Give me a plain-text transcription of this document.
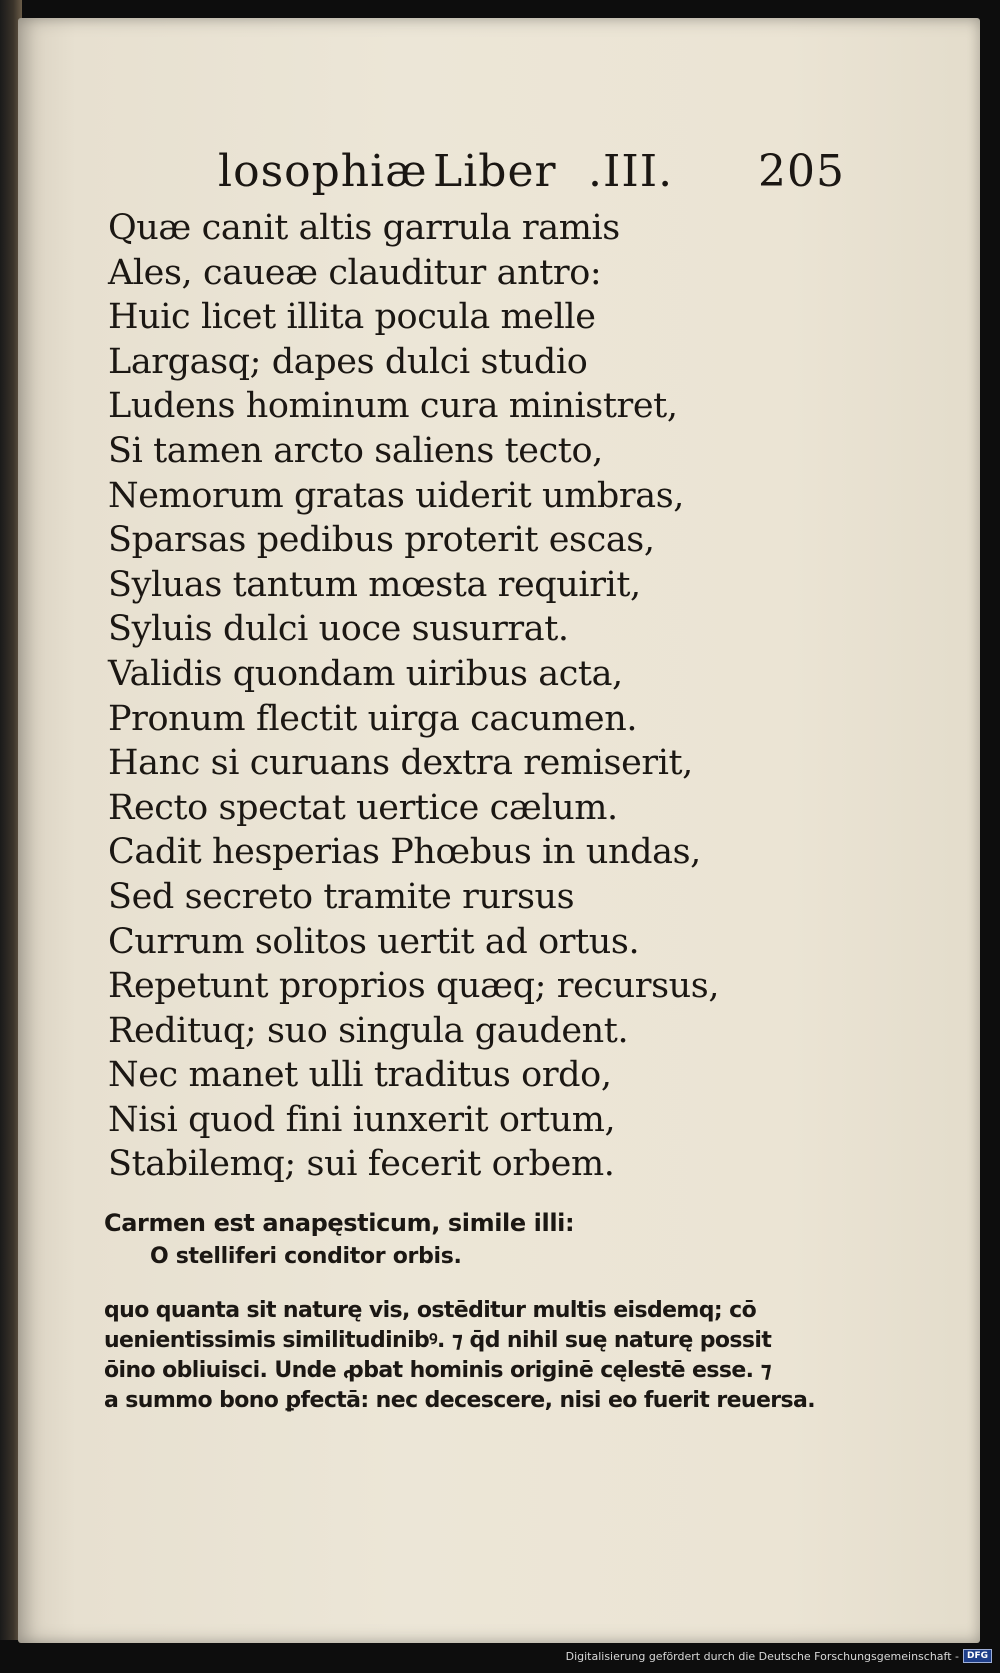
losophiæ Liber .III. 205
Quæ canit altis garrula ramis
Ales, caueæ clauditur antro:
Huic licet illita pocula melle
Largasq; dapes dulci studio
Ludens hominum cura ministret,
Si tamen arcto saliens tecto,
Nemorum gratas uiderit umbras,
Sparsas pedibus proterit escas,
Syluas tantum mœsta requirit,
Syluis dulci uoce susurrat.
Validis quondam uiribus acta,
Pronum flectit uirga cacumen.
Hanc si curuans dextra remiserit,
Recto spectat uertice cælum.
Cadit hesperias Phœbus in undas,
Sed secreto tramite rursus
Currum solitos uertit ad ortus.
Repetunt proprios quæq; recursus,
Redituq; suo singula gaudent.
Nec manet ulli traditus ordo,
Nisi quod fini iunxerit ortum,
Stabilemq; sui fecerit orbem.
Carmen est anapęsticum, simile illi:
O stelliferi conditor orbis.
quo quanta sit naturę vis, ostēditur multis eisdemq; cō
uenientissimis similitudinibꝰ. ⁊ q̄d nihil suę naturę possit
ōino obliuisci. Unde ꝓbat hominis originē cęlestē esse. ⁊
a summo bono ꝑfectā: nec decescere, nisi eo fuerit reuersa.
Digitalisierung gefördert durch die Deutsche Forschungsgemeinschaft - DFG
